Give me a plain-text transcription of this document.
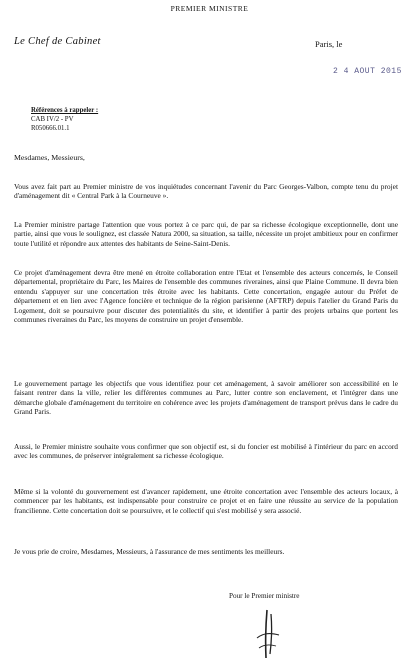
PREMIER MINISTRE
Le Chef de Cabinet	Paris, le
2 4 AOUT 2015
Références à rappeler :
CAB IV/2 - PV
R050666.01.1
Mesdames, Messieurs,

Vous avez fait part au Premier ministre de vos inquiétudes concernant l'avenir du Parc Georges-Valbon, compte tenu du projet d'aménagement dit « Central Park à la Courneuve ».

La Premier ministre partage l'attention que vous portez à ce parc qui, de par sa richesse écologique exceptionnelle, dont une partie, ainsi que vous le soulignez, est classée Natura 2000, sa situation, sa taille, nécessite un projet ambitieux pour en confirmer toute l'utilité et répondre aux attentes des habitants de Seine-Saint-Denis.

Ce projet d'aménagement devra être mené en étroite collaboration entre l'Etat et l'ensemble des acteurs concernés, le Conseil départemental, propriétaire du Parc, les Maires de l'ensemble des communes riveraines, ainsi que Plaine Commune. Il devra bien entendu s'appuyer sur une concertation très étroite avec les habitants. Cette concertation, engagée autour du Préfet de département et en lien avec l'Agence foncière et technique de la région parisienne (AFTRP) depuis l'atelier du Grand Paris du Logement, doit se poursuivre pour discuter des potentialités du site, et identifier à partir des projets urbains que portent les communes riveraines du Parc, les moyens de construire un projet d'ensemble.

Le gouvernement partage les objectifs que vous identifiez pour cet aménagement, à savoir améliorer son accessibilité en le faisant rentrer dans la ville, relier les différentes communes au Parc, lutter contre son enclavement, et l'intégrer dans une démarche globale d'aménagement du territoire en cohérence avec les projets d'aménagement de transport prévus dans le cadre du Grand Paris.

Aussi, le Premier ministre souhaite vous confirmer que son objectif est, si du foncier est mobilisé à l'intérieur du parc en accord avec les communes, de préserver intégralement sa richesse écologique.

Même si la volonté du gouvernement est d'avancer rapidement, une étroite concertation avec l'ensemble des acteurs locaux, à commencer par les habitants, est indispensable pour construire ce projet et en faire une réussite au service de la population francilienne. Cette concertation doit se poursuivre, et le collectif qui s'est mobilisé y sera associé.

Je vous prie de croire, Mesdames, Messieurs, à l'assurance de mes sentiments les meilleurs.

Pour le Premier ministre
